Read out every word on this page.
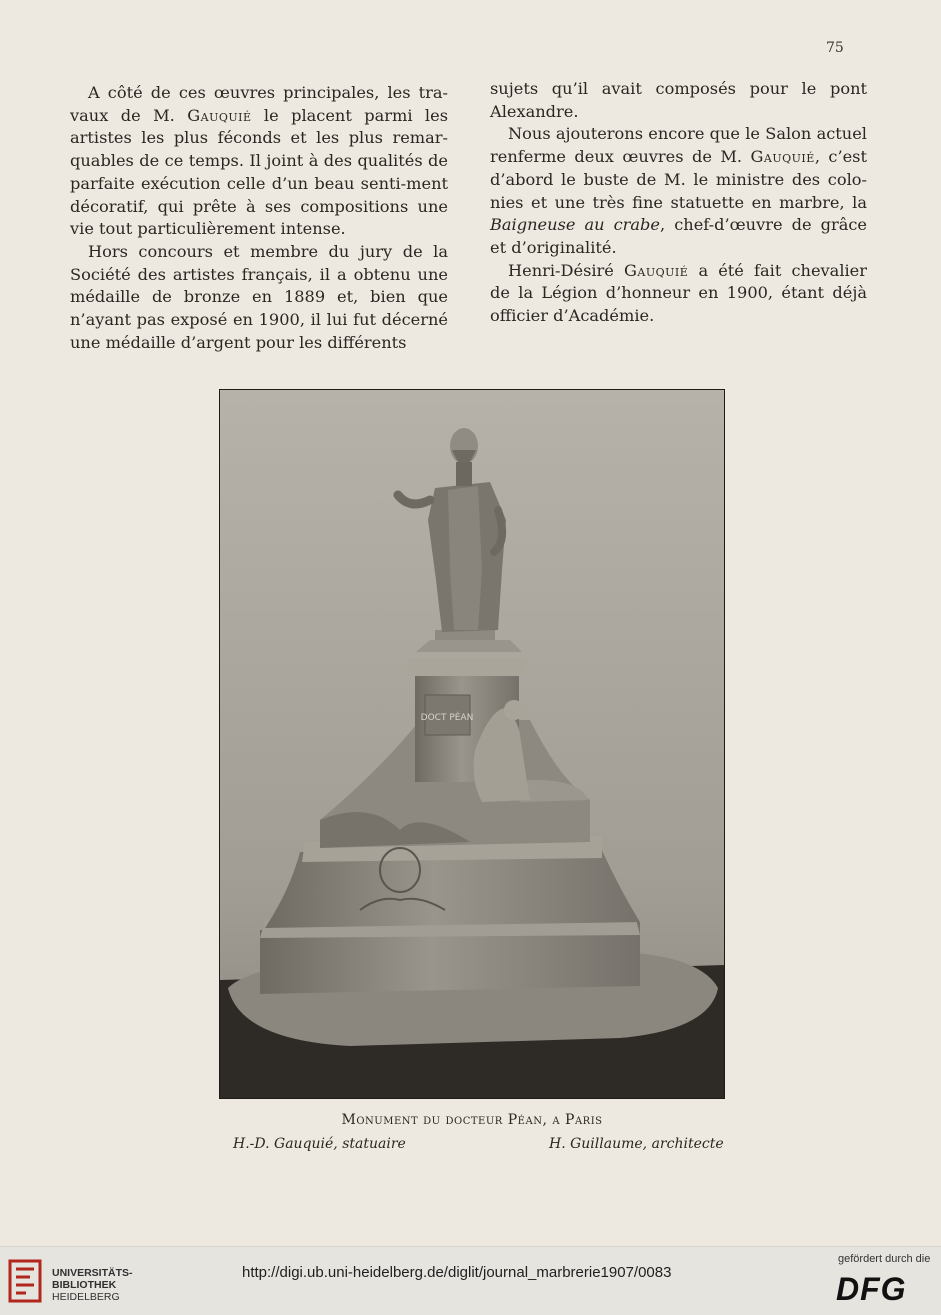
75

A côté de ces œuvres principales, les tra-vaux de M. Gauquié le placent parmi les artistes les plus féconds et les plus remar-quables de ce temps. Il joint à des qualités de parfaite exécution celle d’un beau senti-ment décoratif, qui prête à ses compositions une vie tout particulièrement intense.

Hors concours et membre du jury de la Société des artistes français, il a obtenu une médaille de bronze en 1889 et, bien que n’ayant pas exposé en 1900, il lui fut décerné une médaille d’argent pour les différents

sujets qu’il avait composés pour le pont Alexandre.

Nous ajouterons encore que le Salon actuel renferme deux œuvres de M. Gauquié, c’est d’abord le buste de M. le ministre des colo-nies et une très fine statuette en marbre, la Baigneuse au crabe, chef-d’œuvre de grâce et d’originalité.

Henri-Désiré Gauquié a été fait chevalier de la Légion d’honneur en 1900, étant déjà officier d’Académie.

DOCT PÉAN
Monument du docteur Péan, a Paris
H.-D. Gauquié, statuaire	H. Guillaume, architecte
UNIVERSITÄTS-
BIBLIOTHEK
HEIDELBERG
http://digi.ub.uni-heidelberg.de/diglit/journal_marbrerie1907/0083
gefördert durch die
DFG
